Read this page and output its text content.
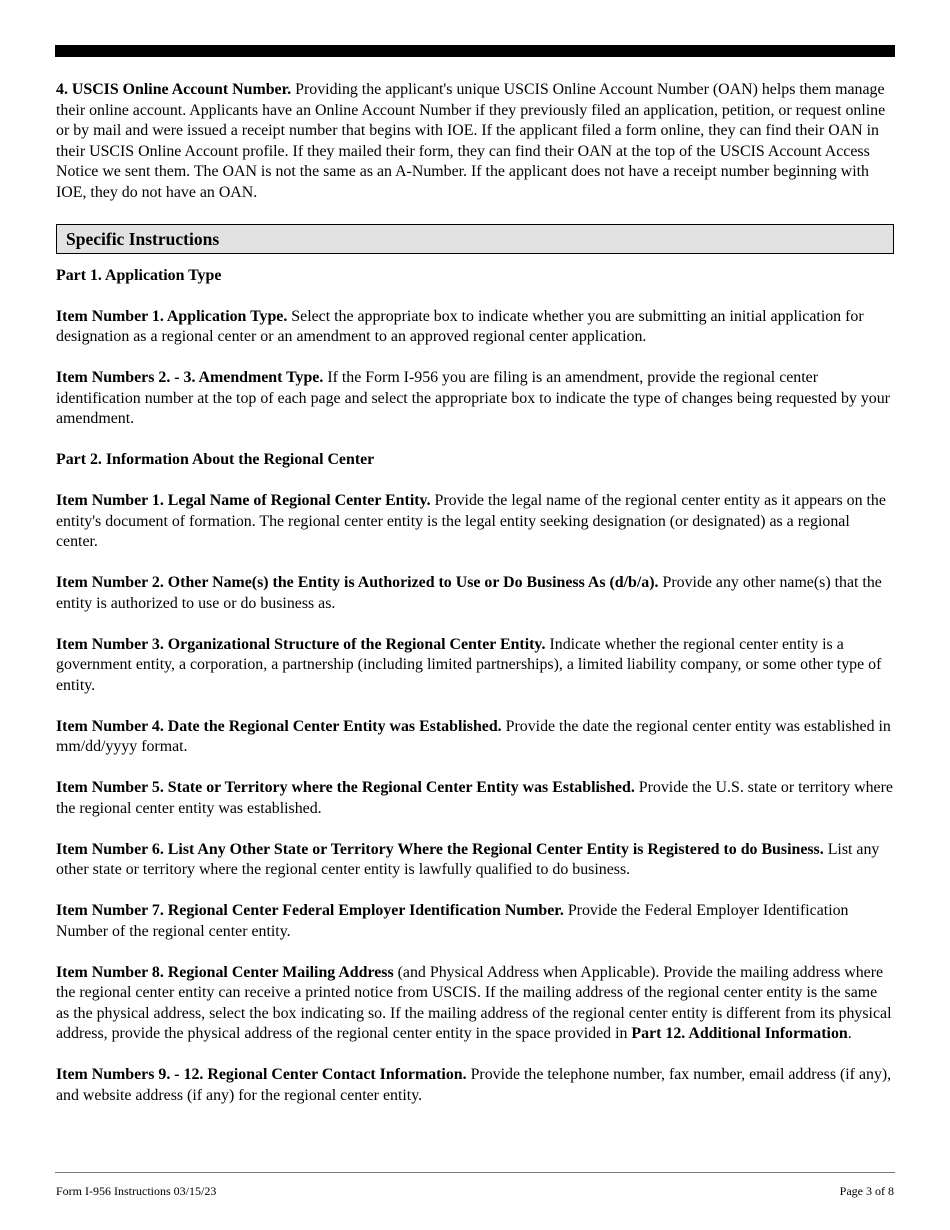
4. USCIS Online Account Number. Providing the applicant's unique USCIS Online Account Number (OAN) helps them manage their online account. Applicants have an Online Account Number if they previously filed an application, petition, or request online or by mail and were issued a receipt number that begins with IOE. If the applicant filed a form online, they can find their OAN in their USCIS Online Account profile. If they mailed their form, they can find their OAN at the top of the USCIS Account Access Notice we sent them. The OAN is not the same as an A-Number. If the applicant does not have a receipt number beginning with IOE, they do not have an OAN.

Specific Instructions
Part 1. Application Type

Item Number 1. Application Type. Select the appropriate box to indicate whether you are submitting an initial application for designation as a regional center or an amendment to an approved regional center application.

Item Numbers 2. - 3. Amendment Type. If the Form I-956 you are filing is an amendment, provide the regional center identification number at the top of each page and select the appropriate box to indicate the type of changes being requested by your amendment.

Part 2. Information About the Regional Center

Item Number 1. Legal Name of Regional Center Entity. Provide the legal name of the regional center entity as it appears on the entity's document of formation. The regional center entity is the legal entity seeking designation (or designated) as a regional center.

Item Number 2. Other Name(s) the Entity is Authorized to Use or Do Business As (d/b/a). Provide any other name(s) that the entity is authorized to use or do business as.

Item Number 3. Organizational Structure of the Regional Center Entity. Indicate whether the regional center entity is a government entity, a corporation, a partnership (including limited partnerships), a limited liability company, or some other type of entity.

Item Number 4. Date the Regional Center Entity was Established. Provide the date the regional center entity was established in mm/dd/yyyy format.

Item Number 5. State or Territory where the Regional Center Entity was Established. Provide the U.S. state or territory where the regional center entity was established.

Item Number 6. List Any Other State or Territory Where the Regional Center Entity is Registered to do Business. List any other state or territory where the regional center entity is lawfully qualified to do business.

Item Number 7. Regional Center Federal Employer Identification Number. Provide the Federal Employer Identification Number of the regional center entity.

Item Number 8. Regional Center Mailing Address (and Physical Address when Applicable). Provide the mailing address where the regional center entity can receive a printed notice from USCIS. If the mailing address of the regional center entity is the same as the physical address, select the box indicating so. If the mailing address of the regional center entity is different from its physical address, provide the physical address of the regional center entity in the space provided in Part 12. Additional Information.

Item Numbers 9. - 12. Regional Center Contact Information. Provide the telephone number, fax number, email address (if any), and website address (if any) for the regional center entity.

Form I-956 Instructions 03/15/23	Page 3 of 8
